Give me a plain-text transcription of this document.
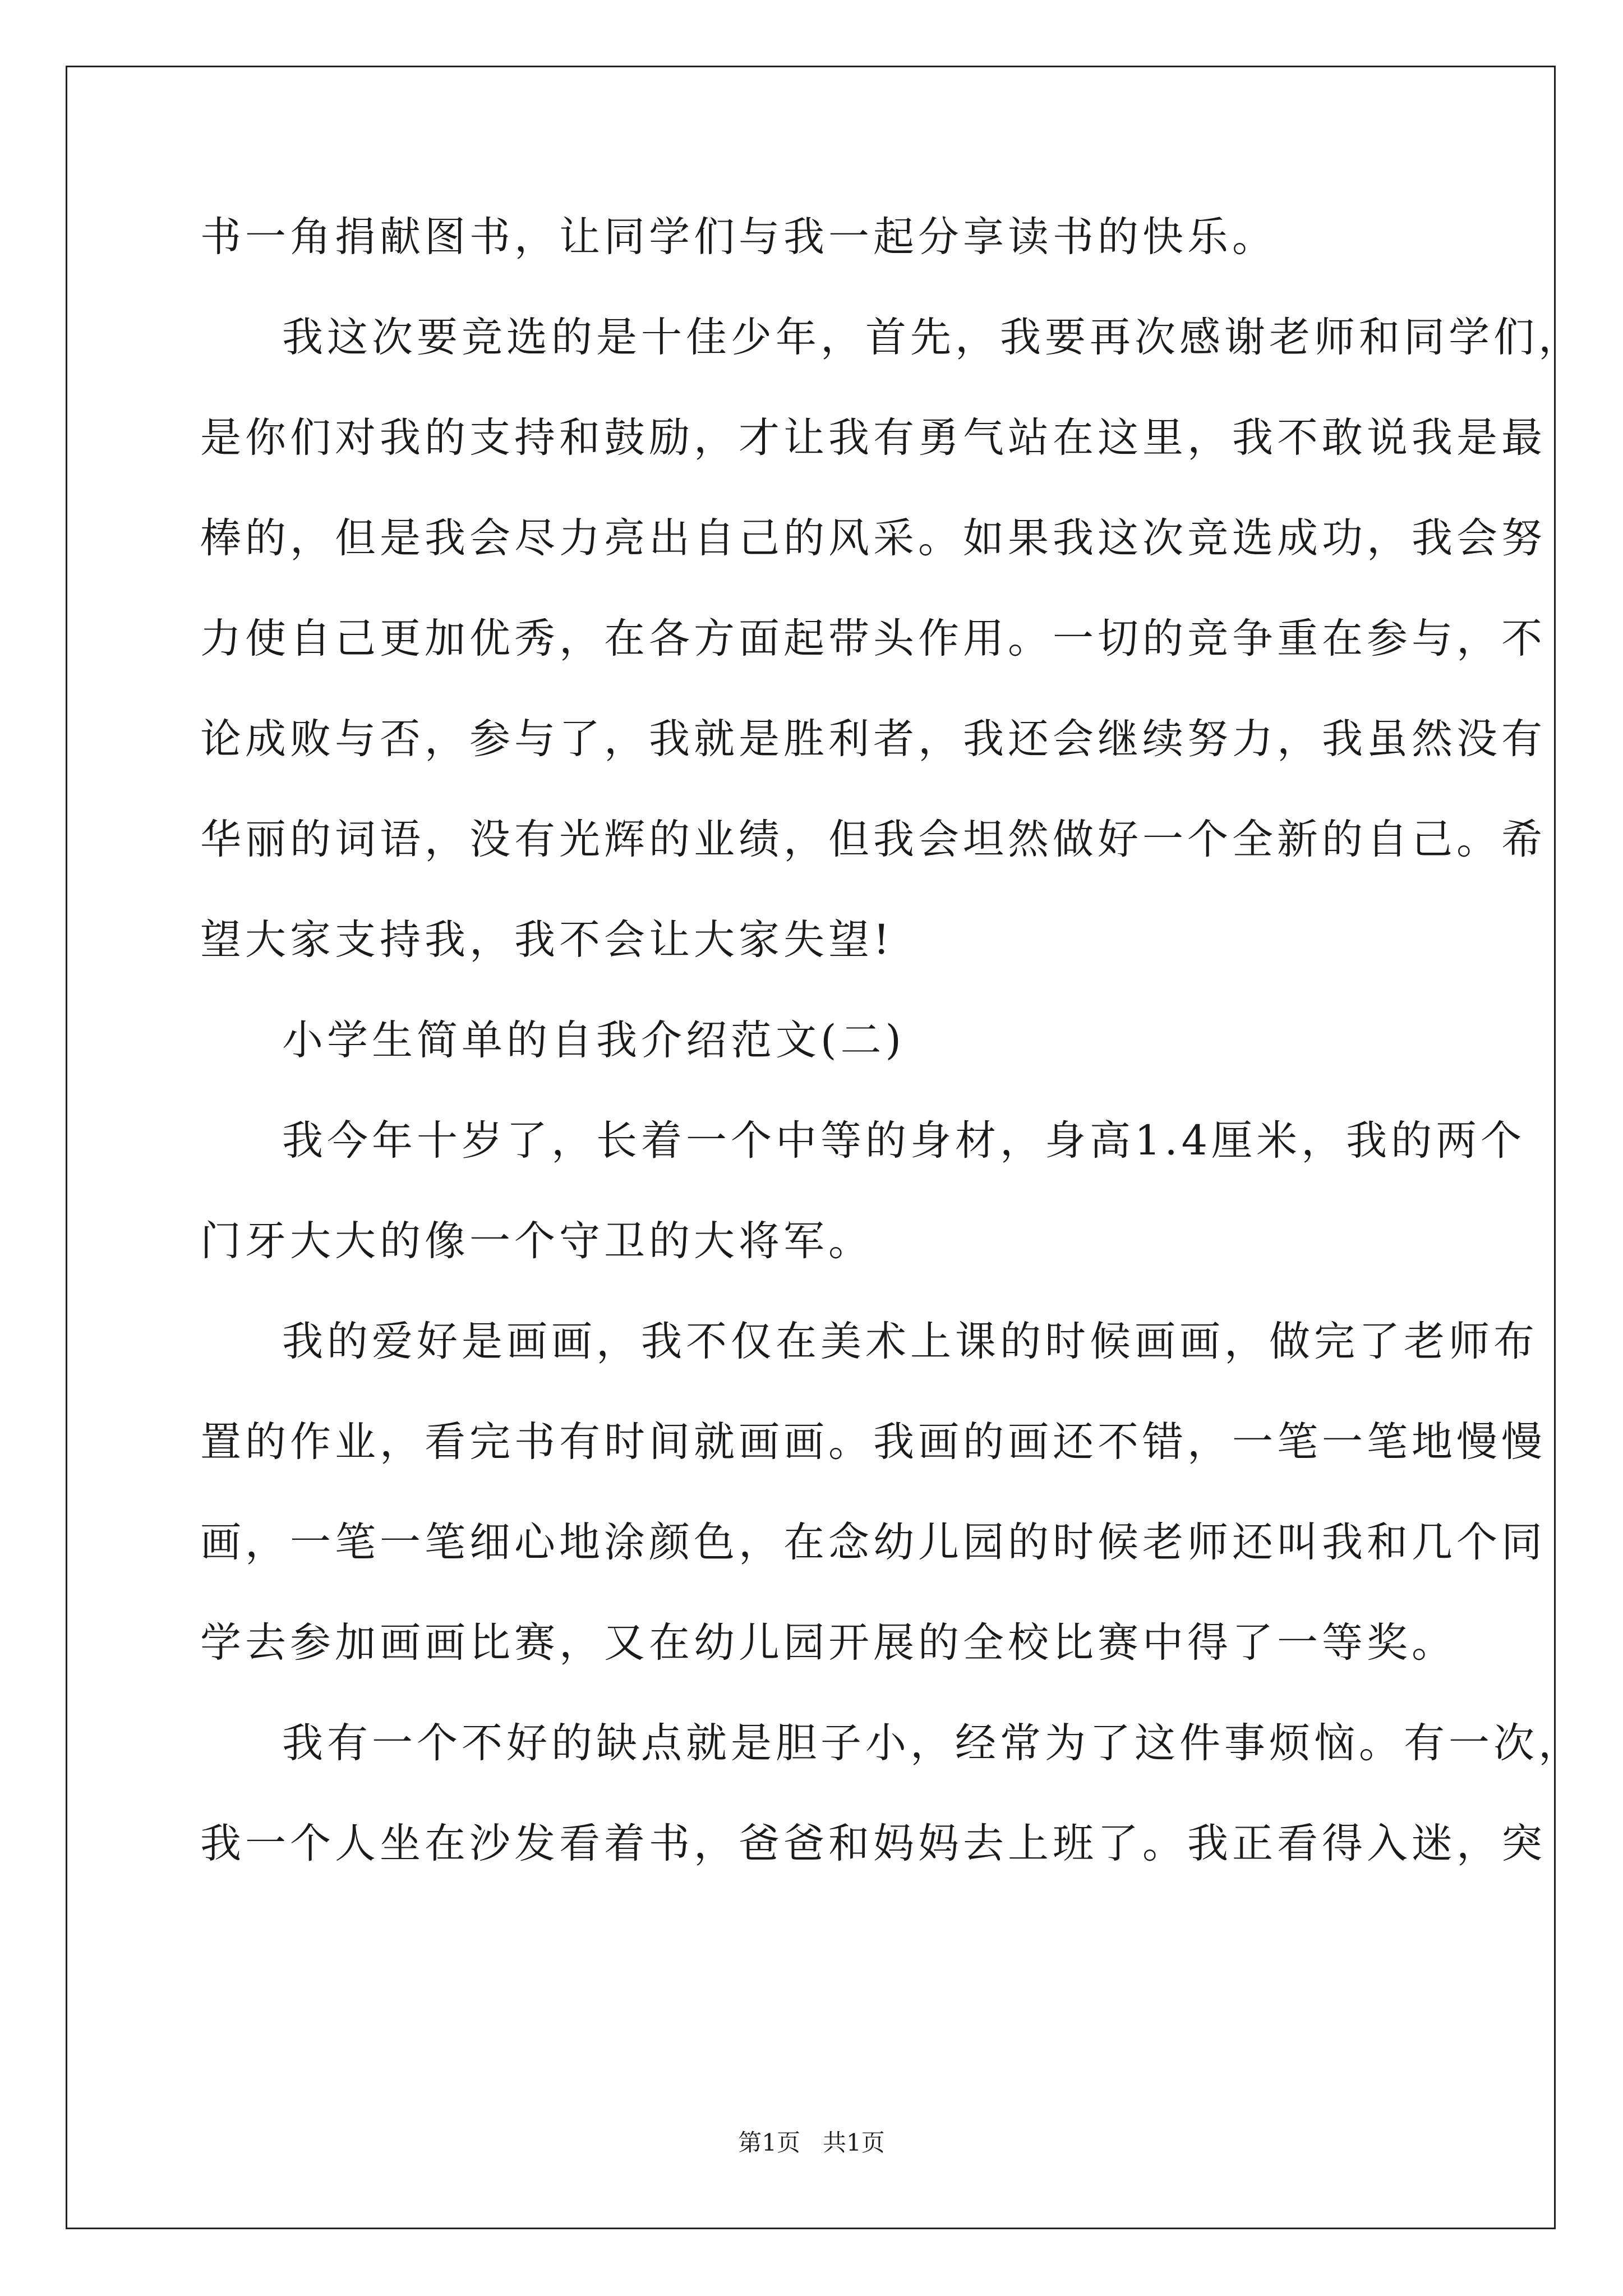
书一角捐献图书，让同学们与我一起分享读书的快乐。
我这次要竞选的是十佳少年，首先，我要再次感谢老师和同学们，
是你们对我的支持和鼓励，才让我有勇气站在这里，我不敢说我是最
棒的，但是我会尽力亮出自己的风采。如果我这次竞选成功，我会努
力使自己更加优秀，在各方面起带头作用。一切的竞争重在参与，不
论成败与否，参与了，我就是胜利者，我还会继续努力，我虽然没有
华丽的词语，没有光辉的业绩，但我会坦然做好一个全新的自己。希
望大家支持我，我不会让大家失望!
小学生简单的自我介绍范文(二)
我今年十岁了，长着一个中等的身材，身高1.4厘米，我的两个
门牙大大的像一个守卫的大将军。
我的爱好是画画，我不仅在美术上课的时候画画，做完了老师布
置的作业，看完书有时间就画画。我画的画还不错，一笔一笔地慢慢
画，一笔一笔细心地涂颜色，在念幼儿园的时候老师还叫我和几个同
学去参加画画比赛，又在幼儿园开展的全校比赛中得了一等奖。
我有一个不好的缺点就是胆子小，经常为了这件事烦恼。有一次，
我一个人坐在沙发看着书，爸爸和妈妈去上班了。我正看得入迷，突
第1页 共1页
